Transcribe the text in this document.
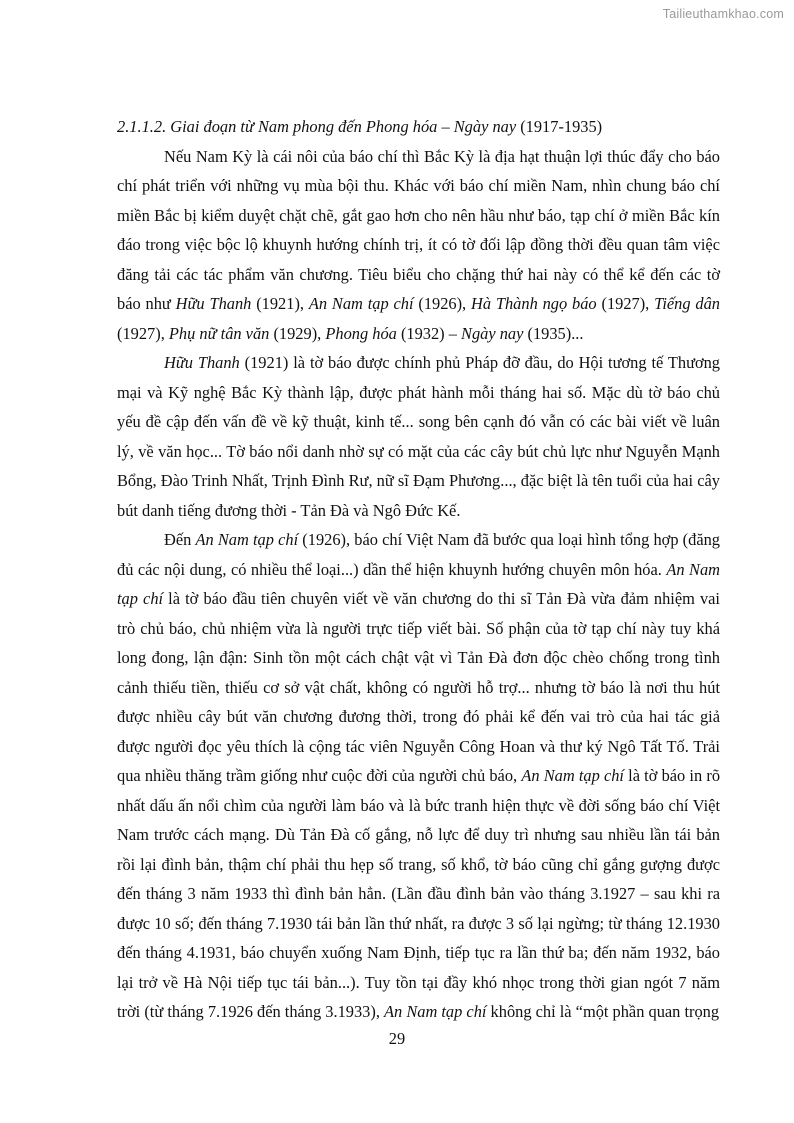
Tailieuthamkhao.com

2.1.1.2. Giai đoạn từ Nam phong đến Phong hóa – Ngày nay (1917-1935)

Nếu Nam Kỳ là cái nôi của báo chí thì Bắc Kỳ là địa hạt thuận lợi thúc đẩy cho báo chí phát triển với những vụ mùa bội thu. Khác với báo chí miền Nam, nhìn chung báo chí miền Bắc bị kiểm duyệt chặt chẽ, gắt gao hơn cho nên hầu như báo, tạp chí ở miền Bắc kín đáo trong việc bộc lộ khuynh hướng chính trị, ít có tờ đối lập đồng thời đều quan tâm việc đăng tải các tác phẩm văn chương. Tiêu biểu cho chặng thứ hai này có thể kể đến các tờ báo như Hữu Thanh (1921), An Nam tạp chí (1926), Hà Thành ngọ báo (1927), Tiếng dân (1927), Phụ nữ tân văn (1929), Phong hóa (1932) – Ngày nay (1935)...

Hữu Thanh (1921) là tờ báo được chính phủ Pháp đỡ đầu, do Hội tương tế Thương mại và Kỹ nghệ Bắc Kỳ thành lập, được phát hành mỗi tháng hai số. Mặc dù tờ báo chủ yếu đề cập đến vấn đề về kỹ thuật, kinh tế... song bên cạnh đó vẫn có các bài viết về luân lý, về văn học... Tờ báo nổi danh nhờ sự có mặt của các cây bút chủ lực như Nguyễn Mạnh Bổng, Đào Trinh Nhất, Trịnh Đình Rư, nữ sĩ Đạm Phương..., đặc biệt là tên tuổi của hai cây bút danh tiếng đương thời - Tản Đà và Ngô Đức Kế.

Đến An Nam tạp chí (1926), báo chí Việt Nam đã bước qua loại hình tổng hợp (đăng đủ các nội dung, có nhiều thể loại...) dần thể hiện khuynh hướng chuyên môn hóa. An Nam tạp chí là tờ báo đầu tiên chuyên viết về văn chương do thi sĩ Tản Đà vừa đảm nhiệm vai trò chủ báo, chủ nhiệm vừa là người trực tiếp viết bài. Số phận của tờ tạp chí này tuy khá long đong, lận đận: Sinh tồn một cách chật vật vì Tản Đà đơn độc chèo chống trong tình cảnh thiếu tiền, thiếu cơ sở vật chất, không có người hỗ trợ... nhưng tờ báo là nơi thu hút được nhiều cây bút văn chương đương thời, trong đó phải kể đến vai trò của hai tác giả được người đọc yêu thích là cộng tác viên Nguyễn Công Hoan và thư ký Ngô Tất Tố. Trải qua nhiều thăng trầm giống như cuộc đời của người chủ báo, An Nam tạp chí là tờ báo in rõ nhất dấu ấn nổi chìm của người làm báo và là bức tranh hiện thực về đời sống báo chí Việt Nam trước cách mạng. Dù Tản Đà cố gắng, nỗ lực để duy trì nhưng sau nhiều lần tái bản rồi lại đình bản, thậm chí phải thu hẹp số trang, số khổ, tờ báo cũng chỉ gắng gượng được đến tháng 3 năm 1933 thì đình bản hẳn. (Lần đầu đình bản vào tháng 3.1927 – sau khi ra được 10 số; đến tháng 7.1930 tái bản lần thứ nhất, ra được 3 số lại ngừng; từ tháng 12.1930 đến tháng 4.1931, báo chuyển xuống Nam Định, tiếp tục ra lần thứ ba; đến năm 1932, báo lại trở về Hà Nội tiếp tục tái bản...). Tuy tồn tại đầy khó nhọc trong thời gian ngót 7 năm trời (từ tháng 7.1926 đến tháng 3.1933), An Nam tạp chí không chỉ là “một phần quan trọng

29
